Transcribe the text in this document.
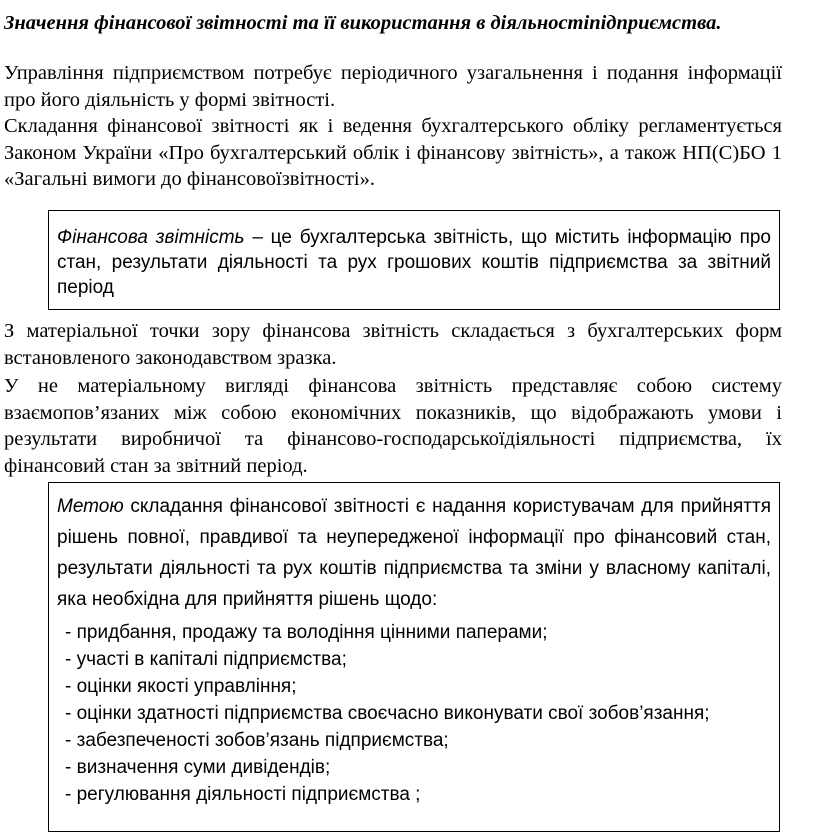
Значення фінансової звітності та її використання в діяльностіпідприємства.

Управління підприємством потребує періодичного узагальнення і подання інформації про його діяльність у формі звітності.

Складання фінансової звітності як і ведення бухгалтерського обліку регламентується Законом України «Про бухгалтерський облік і фінансову звітність», а також НП(С)БО 1 «Загальні вимоги до фінансовоїзвітності».

Фінансова звітність – це бухгалтерська звітність, що містить інформацію про стан, результати діяльності та рух грошових коштів підприємства за звітний період

З матеріальної точки зору фінансова звітність складається з бухгалтерських форм встановленого законодавством зразка.

У не матеріальному вигляді фінансова звітність представляє собою систему взаємопов’язаних між собою економічних показників, що відображають умови і результати виробничої та фінансово-господарськоїдіяльності підприємства, їх фінансовий стан за звітний період.

Метою складання фінансової звітності є надання користувачам для прийняття рішень повної, правдивої та неупередженої інформації про фінансовий стан, результати діяльності та рух коштів підприємства та зміни у власному капіталі, яка необхідна для прийняття рішень щодо:

- придбання, продажу та володіння цінними паперами;
- участі в капіталі підприємства;
- оцінки якості управління;
- оцінки здатності підприємства своєчасно виконувати свої зобов’язання;
- забезпеченості зобов’язань підприємства;
- визначення суми дивідендів;
- регулювання діяльності підприємства ;
